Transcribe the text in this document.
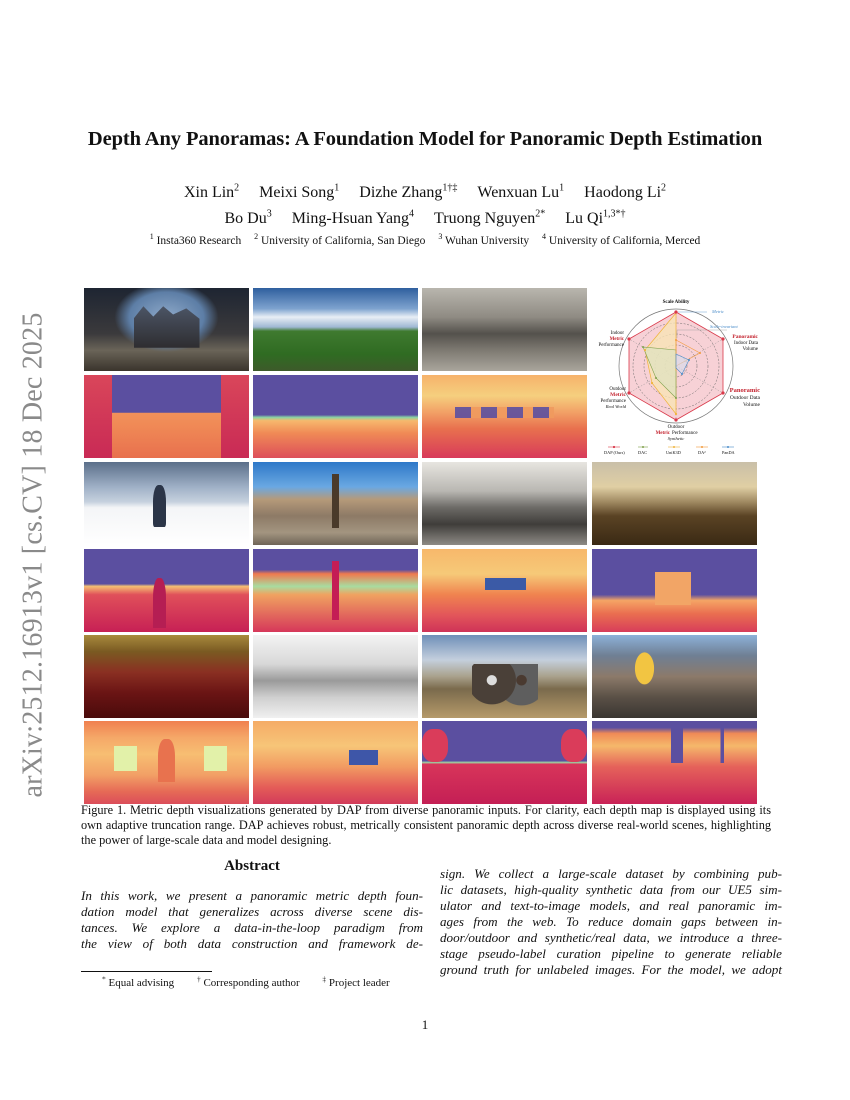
arXiv:2512.16913v1 [cs.CV] 18 Dec 2025
Depth Any Panoramas: A Foundation Model for Panoramic Depth Estimation
Xin Lin$^2$ Meixi Song$^1$ Dizhe Zhang$^{1\dagger\ddagger}$ Wenxuan Lu$^1$ Haodong Li$^2$
Bo Du$^3$ Ming-Hsuan Yang$^4$ Truong Nguyen$^{2*}$ Lu $Qi^{1,3*\dagger}$
$^1$ Insta360 Research $^2$ University of California, San Diego $^3$ Wuhan University $^4$ University of California, Merced
Scale Ability
Metric
Scale-invariant
Indoor
Metric
Performance
Panoramic
Indoor Data
Volume
Panoramic
Outdoor Data
Volume
Outdoor
Metric
Performance
Real World
Outdoor
Metric Performance
Synthetic
DAP (Ours)	DAC	UniK3D	DA²	PanDA

Figure 1. Metric depth visualizations generated by DAP from diverse panoramic inputs. For clarity, each depth map is displayed using its own adaptive truncation range. DAP achieves robust, metrically consistent panoramic depth across diverse real-world scenes, highlighting the power of large-scale data and model designing.

Abstract
In this work, we present a panoramic metric depth foun-
dation model that generalizes across diverse scene dis-
tances. We explore a data-in-the-loop paradigm from
the view of both data construction and framework de-
sign. We collect a large-scale dataset by combining pub-
lic datasets, high-quality synthetic data from our UE5 sim-
ulator and text-to-image models, and real panoramic im-
ages from the web. To reduce domain gaps between in-
door/outdoor and synthetic/real data, we introduce a three-
stage pseudo-label curation pipeline to generate reliable
ground truth for unlabeled images. For the model, we adopt
* Equal advising	† Corresponding author	‡ Project leader
1
